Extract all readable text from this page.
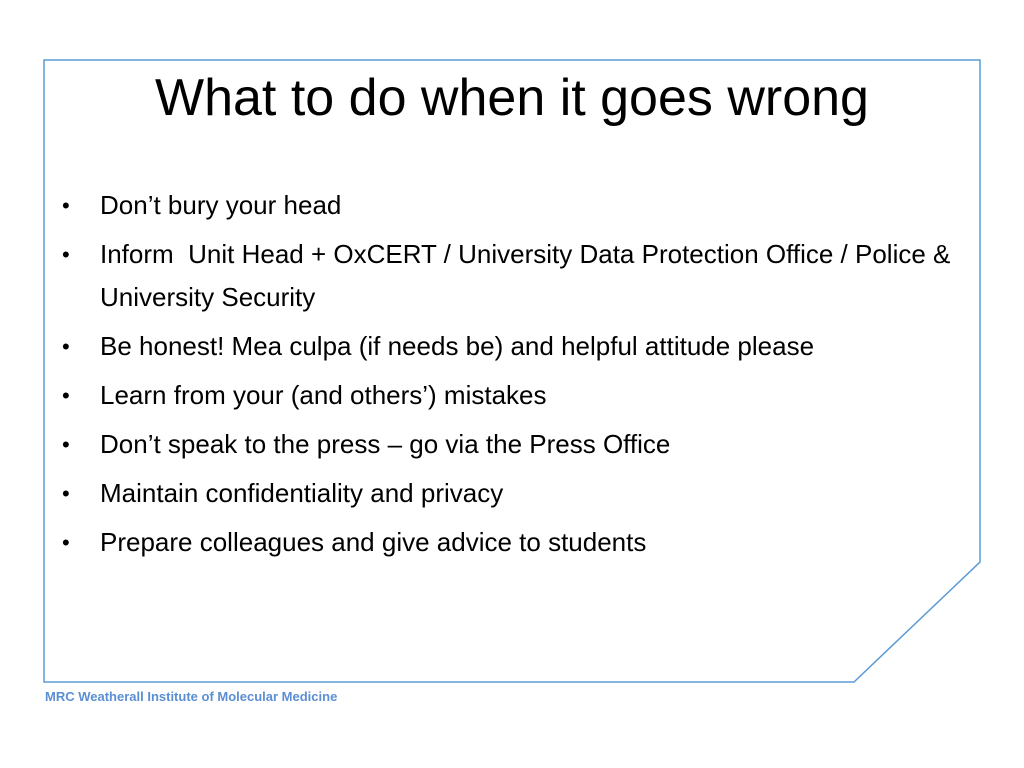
What to do when it goes wrong
• Don’t bury your head
• Inform  Unit Head + OxCERT / University Data Protection Office / Police & University Security
• Be honest! Mea culpa (if needs be) and helpful attitude please
• Learn from your (and others’) mistakes
• Don’t speak to the press – go via the Press Office
• Maintain confidentiality and privacy
• Prepare colleagues and give advice to students
MRC Weatherall Institute of Molecular Medicine
